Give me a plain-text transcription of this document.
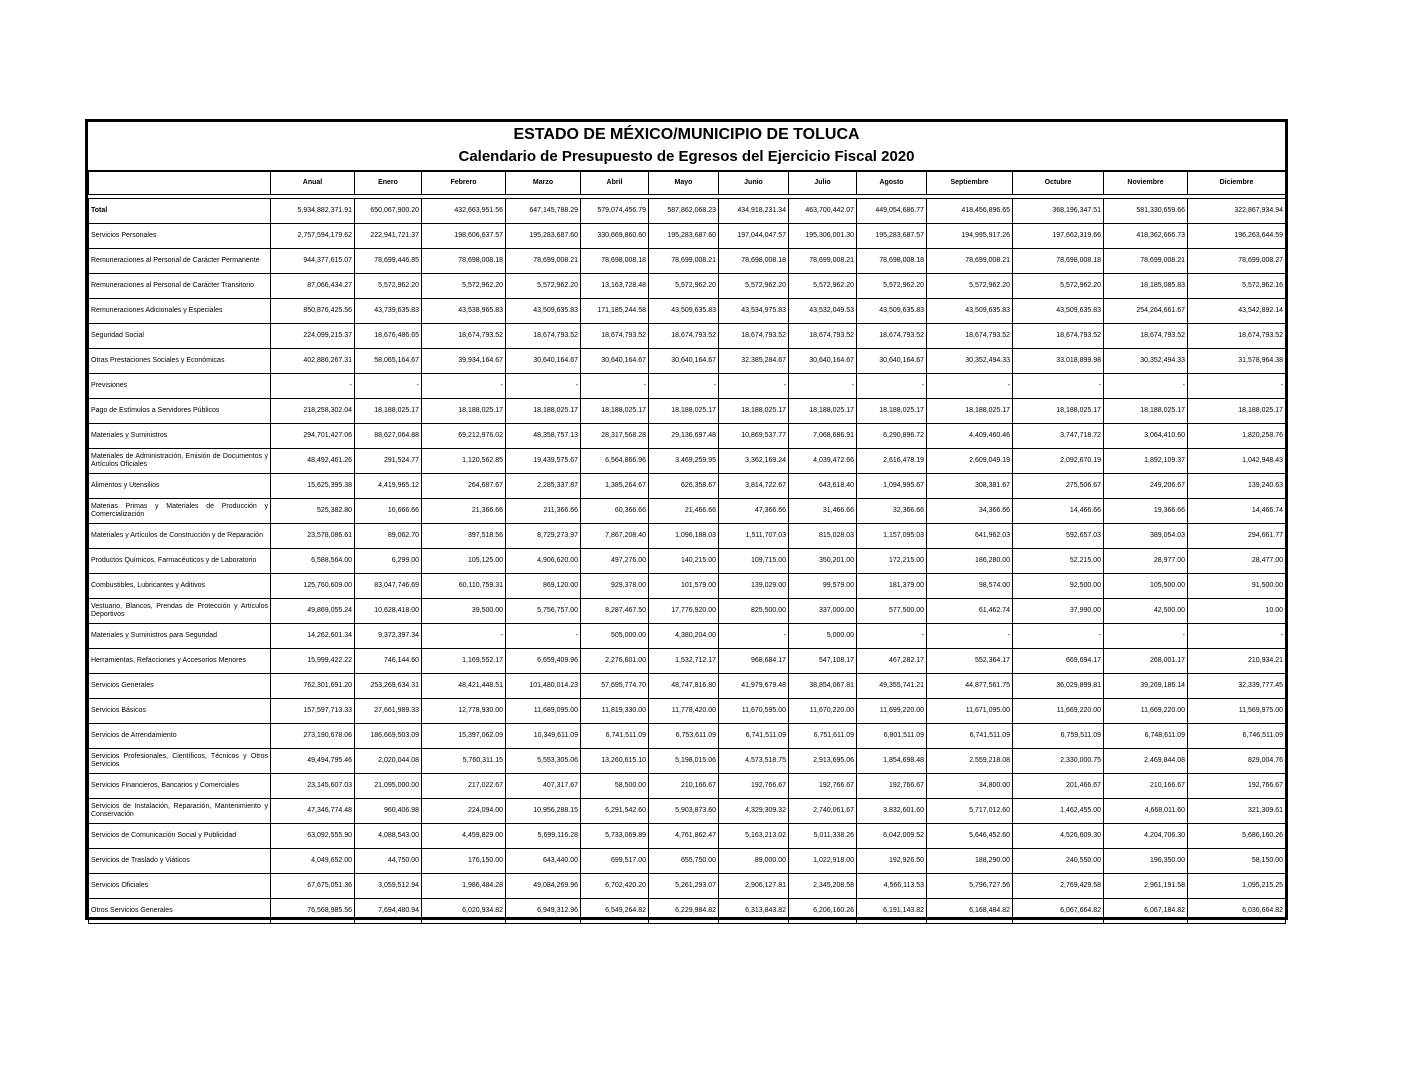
ESTADO DE MÉXICO/MUNICIPIO DE TOLUCA
Calendario de Presupuesto de Egresos del Ejercicio Fiscal 2020
	Anual	Enero	Febrero	Marzo	Abril	Mayo	Junio	Julio	Agosto	Septiembre	Octubre	Noviembre	Diciembre

Total	5,934,882,371.91	650,067,900.20	432,663,951.56	647,145,788.29	579,074,456.79	587,862,068.23	434,918,231.34	463,700,442.07	449,054,686.77	418,456,896.65	368,196,347.51	581,330,659.66	322,867,934.94
Servicios Personales	2,757,594,179.62	222,941,721.37	198,606,637.57	195,283,687.60	330,669,860.60	195,283,687.60	197,044,047.57	195,306,001.30	195,283,687.57	194,995,917.26	197,662,319.66	418,362,666.73	196,263,644.59
Remuneraciones al Personal de Carácter Permanente	944,377,615.07	78,699,446.85	78,698,008.18	78,699,008.21	78,698,008.18	78,699,008.21	78,698,008.18	78,699,008.21	78,698,008.18	78,699,008.21	78,698,008.18	78,699,008.21	78,699,008.27
Remuneraciones al Personal de Carácter Transitorio	87,066,434.27	5,572,962.20	5,572,962.20	5,572,962.20	13,163,728.48	5,572,962.20	5,572,962.20	5,572,962.20	5,572,962.20	5,572,962.20	5,572,962.20	18,185,085.83	5,572,962.16
Remuneraciones Adicionales y Especiales	850,876,425.56	43,739,635.83	43,538,965.83	43,509,635.83	171,185,244.58	43,509,635.83	43,534,975.83	43,532,049.53	43,509,635.83	43,509,635.83	43,509,635.83	254,264,661.67	43,542,892.14
Seguridad Social	224,099,215.37	18,676,486.65	18,674,793.52	18,674,793.52	18,674,793.52	18,674,793.52	18,674,793.52	18,674,793.52	18,674,793.52	18,674,793.52	18,674,793.52	18,674,793.52	18,674,793.52
Otras Prestaciones Sociales y Económicas	402,886,267.31	58,065,164.67	39,934,164.67	30,640,164.67	30,640,164.67	30,640,164.67	32,385,284.67	30,640,164.67	30,640,164.67	30,352,494.33	33,018,899.98	30,352,494.33	31,578,964.38
Previsiones	-	-	-	-	-	-	-	-	-	-	-	-	-
Pago de Estímulos a Servidores Públicos	218,258,302.04	18,188,025.17	18,188,025.17	18,188,025.17	18,188,025.17	18,188,025.17	18,188,025.17	18,188,025.17	18,188,025.17	18,188,025.17	18,188,025.17	18,188,025.17	18,188,025.17
Materiales y Suministros	294,701,427.06	88,627,064.88	69,212,976.02	48,358,757.13	28,317,568.28	29,136,697.48	10,869,537.77	7,068,686.91	6,290,896.72	4,409,460.46	3,747,718.72	3,064,410.60	1,820,258.76
Materiales de Administración, Emisión de Documentos y Artículos Oficiales	48,492,461.26	291,524.77	1,120,562.85	19,439,575.67	6,564,866.96	3,469,259.95	3,362,169.24	4,039,472.66	2,616,478.19	2,609,049.19	2,092,670.19	1,892,109.37	1,042,948.43
Alimentos y Utensilios	15,625,395.38	4,419,965.12	264,687.67	2,285,337.87	1,385,264.67	626,358.67	3,814,722.67	643,618.40	1,094,995.67	308,381.67	275,506.67	249,206.67	139,240.63
Materias Primas y Materiales de Producción y Comercialización	525,382.80	16,666.66	21,366.66	211,366.66	60,366.66	21,466.66	47,366.66	31,466.66	32,366.66	34,366.66	14,466.66	19,366.66	14,466.74
Materiales y Artículos de Construcción y de Reparación	23,578,086.61	89,062.70	397,518.56	8,729,273.97	7,867,208.40	1,096,188.03	1,511,707.03	815,028.03	1,157,095.03	641,962.03	592,657.03	389,054.03	294,661.77
Productos Químicos, Farmacéuticos y de Laboratorio	6,588,564.00	6,299.00	105,125.00	4,906,620.00	497,276.00	140,215.00	109,715.00	350,201.00	172,215.00	186,280.00	52,215.00	28,977.00	28,477.00
Combustibles, Lubricantes y Aditivos	125,760,609.00	83,047,746.69	60,110,759.31	869,120.00	929,378.00	101,579.00	139,029.00	99,579.00	181,379.00	98,574.00	92,500.00	105,500.00	91,500.00
Vestuario, Blancos, Prendas de Protección y Artículos Deportivos	49,869,055.24	10,628,418.00	39,500.00	5,756,757.00	8,287,467.50	17,776,920.00	825,500.00	337,000.00	577,500.00	61,462.74	37,990.00	42,500.00	10.00
Materiales y Suministros para Seguridad	14,262,601.34	9,372,397.34	-	-	505,000.00	4,380,204.00	-	5,000.00	-	-	-	-	-
Herramientas, Refacciones y Accesorios Menores	15,999,422.22	746,144.60	1,169,552.17	6,659,409.96	2,276,601.00	1,532,712.17	968,684.17	547,108.17	467,282.17	552,364.17	669,694.17	268,001.17	210,934.21
Servicios Generales	762,301,691.20	253,269,634.31	48,421,448.51	101,480,014.23	57,695,774.70	48,747,816.80	41,979,679.48	38,854,067.81	49,355,741.21	44,877,561.75	36,029,899.81	39,269,186.14	32,339,777.45
Servicios Básicos	157,597,713.33	27,661,989.33	12,778,930.00	11,689,095.00	11,819,330.00	11,778,420.00	11,670,595.00	11,670,220.00	11,699,220.00	11,671,095.00	11,669,220.00	11,669,220.00	11,569,975.00
Servicios de Arrendamiento	273,190,678.06	186,669,503.09	15,397,062.09	10,349,611.09	6,741,511.09	6,753,611.09	6,741,511.09	6,751,611.09	6,801,511.09	6,741,511.09	6,759,511.09	6,748,611.09	6,746,511.09
Servicios Profesionales, Científicos, Técnicos y Otros Servicios	49,494,795.46	2,020,044.08	5,760,311.15	5,553,305.06	13,260,615.10	5,198,015.06	4,573,518.75	2,913,695.06	1,854,698.48	2,559,218.08	2,330,000.75	2,469,844.08	829,004.76
Servicios Financieros, Bancarios y Comerciales	23,145,607.03	21,095,000.00	217,022.67	407,317.67	58,500.00	210,166.67	192,766.67	192,766.67	192,766.67	34,800.00	201,466.67	210,166.67	192,766.67
Servicios de Instalación, Reparación, Mantenimiento y Conservación	47,346,774.48	960,406.98	224,094.00	10,956,288.15	6,291,542.60	5,903,873.60	4,329,309.32	2,740,061.67	3,832,601.60	5,717,012.60	1,462,455.00	4,668,011.60	321,309.61
Servicios de Comunicación Social y Publicidad	63,092,555.90	4,088,543.00	4,459,829.00	5,699,116.28	5,733,069.89	4,761,862.47	5,163,213.02	5,011,338.26	6,042,009.52	5,646,452.60	4,526,609.30	4,204,706.30	5,686,160.26
Servicios de Traslado y Viáticos	4,049,652.00	44,750.00	176,150.00	643,440.00	699,517.00	655,750.00	89,000.00	1,022,918.00	192,926.50	188,290.00	240,550.00	196,350.00	58,150.00
Servicios Oficiales	67,675,051.36	3,059,512.94	1,986,484.28	49,084,269.96	6,702,420.20	5,261,293.07	2,906,127.81	2,345,208.58	4,566,113.53	5,796,727.56	2,769,429.58	2,961,191.58	1,095,215.25
Otros Servicios Generales	76,568,985.56	7,694,480.94	6,020,934.82	6,949,312.96	6,549,264.82	6,229,984.82	6,313,843.82	6,206,160.26	6,191,143.82	6,168,484.82	6,067,664.82	6,067,184.82	6,036,664.82
